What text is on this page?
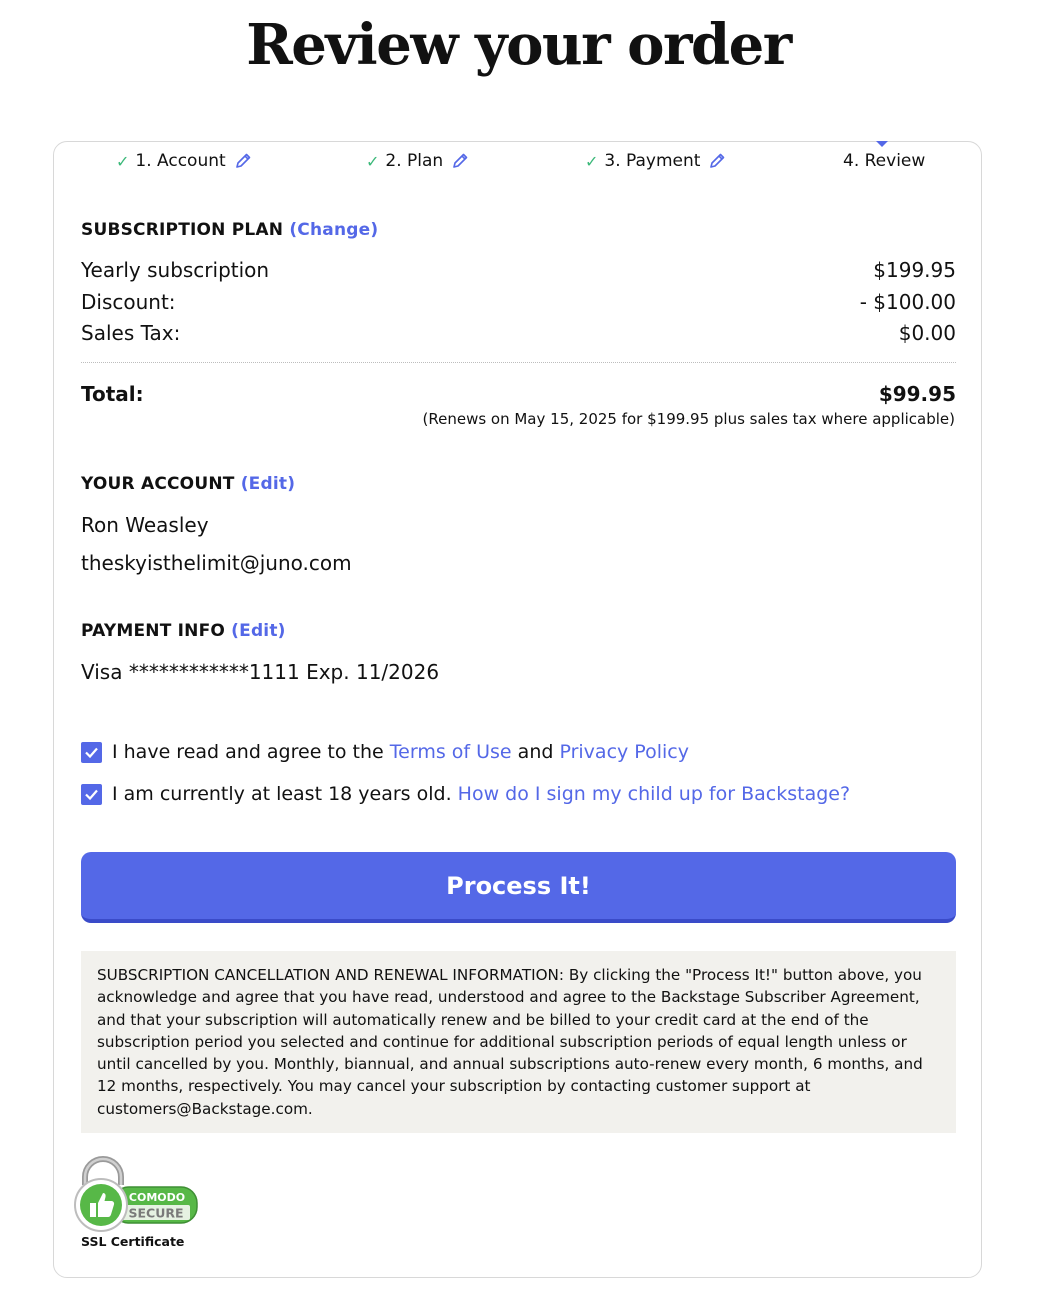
Review your order
✓ 1. Account	✓ 2. Plan	✓ 3. Payment	4. Review
SUBSCRIPTION PLAN (Change)
Yearly subscription	$199.95
Discount:	- $100.00
Sales Tax:	$0.00
Total:	$99.95
(Renews on May 15, 2025 for $199.95 plus sales tax where applicable)
YOUR ACCOUNT (Edit)
Ron Weasley
theskyisthelimit@juno.com
PAYMENT INFO (Edit)
Visa ************1111 Exp. 11/2026
I have read and agree to the Terms of Use and Privacy Policy
I am currently at least 18 years old. How do I sign my child up for Backstage?
Process It!
SUBSCRIPTION CANCELLATION AND RENEWAL INFORMATION: By clicking the "Process It!" button above, you acknowledge and agree that you have read, understood and agree to the Backstage Subscriber Agreement, and that your subscription will automatically renew and be billed to your credit card at the end of the subscription period you selected and continue for additional subscription periods of equal length unless or until cancelled by you. Monthly, biannual, and annual subscriptions auto-renew every month, 6 months, and 12 months, respectively. You may cancel your subscription by contacting customer support at customers@Backstage.com.
COMODO
SECURE
SSL Certificate
